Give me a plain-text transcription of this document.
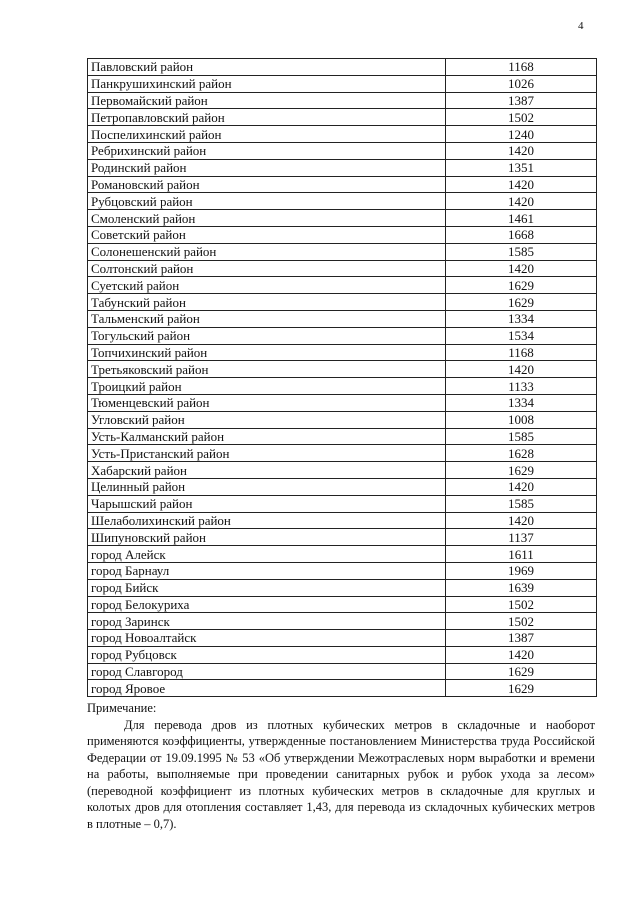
4
Павловский район	1168
Панкрушихинский район	1026
Первомайский район	1387
Петропавловский район	1502
Поспелихинский район	1240
Ребрихинский район	1420
Родинский район	1351
Романовский район	1420
Рубцовский район	1420
Смоленский район	1461
Советский район	1668
Солонешенский район	1585
Солтонский район	1420
Суетский район	1629
Табунский район	1629
Тальменский район	1334
Тогульский район	1534
Топчихинский район	1168
Третьяковский район	1420
Троицкий район	1133
Тюменцевский район	1334
Угловский район	1008
Усть-Калманский район	1585
Усть-Пристанский район	1628
Хабарский район	1629
Целинный район	1420
Чарышский район	1585
Шелаболихинский район	1420
Шипуновский район	1137
город Алейск	1611
город Барнаул	1969
город Бийск	1639
город Белокуриха	1502
город Заринск	1502
город Новоалтайск	1387
город Рубцовск	1420
город Славгород	1629
город Яровое	1629

Примечание:

Для перевода дров из плотных кубических метров в складочные и наоборот применяются коэффициенты, утвержденные постановлением Министерства труда Российской Федерации от 19.09.1995 № 53 «Об утверждении Межотраслевых норм выработки и времени на работы, выполняемые при проведении санитарных рубок и рубок ухода за лесом» (переводной коэффициент из плотных кубических метров в складочные для круглых и колотых дров для отопления составляет 1,43, для перевода из складочных кубических метров в плотные – 0,7).
